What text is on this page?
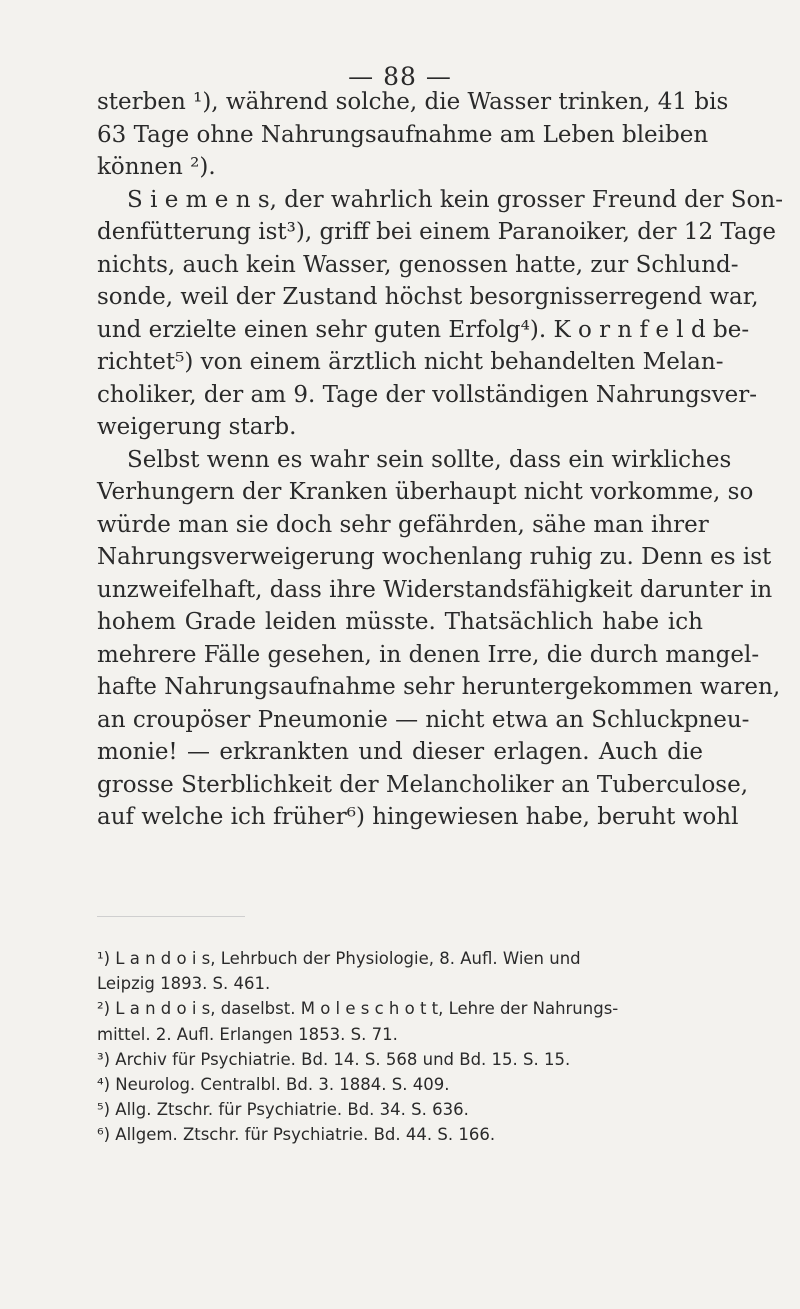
— 88 —
sterben ¹), während solche, die Wasser trinken, 41 bis
63 Tage ohne Nahrungsaufnahme am Leben bleiben
können ²).
S i e m e n s, der wahrlich kein grosser Freund der Son-
denfütterung ist³), griff bei einem Paranoiker, der 12 Tage
nichts, auch kein Wasser, genossen hatte, zur Schlund-
sonde, weil der Zustand höchst besorgnisserregend war,
und erzielte einen sehr guten Erfolg⁴). K o r n f e l d be-
richtet⁵) von einem ärztlich nicht behandelten Melan-
choliker, der am 9. Tage der vollständigen Nahrungsver-
weigerung starb.
Selbst wenn es wahr sein sollte, dass ein wirkliches
Verhungern der Kranken überhaupt nicht vorkomme, so
würde man sie doch sehr gefährden, sähe man ihrer
Nahrungsverweigerung wochenlang ruhig zu. Denn es ist
unzweifelhaft, dass ihre Widerstandsfähigkeit darunter in
hohem Grade leiden müsste. Thatsächlich habe ich
mehrere Fälle gesehen, in denen Irre, die durch mangel-
hafte Nahrungsaufnahme sehr heruntergekommen waren,
an croupöser Pneumonie — nicht etwa an Schluckpneu-
monie! — erkrankten und dieser erlagen. Auch die
grosse Sterblichkeit der Melancholiker an Tuberculose,
auf welche ich früher⁶) hingewiesen habe, beruht wohl
¹) L a n d o i s, Lehrbuch der Physiologie, 8. Aufl. Wien und
Leipzig 1893. S. 461.
²) L a n d o i s, daselbst. M o l e s c h o t t, Lehre der Nahrungs-
mittel. 2. Aufl. Erlangen 1853. S. 71.
³) Archiv für Psychiatrie. Bd. 14. S. 568 und Bd. 15. S. 15.
⁴) Neurolog. Centralbl. Bd. 3. 1884. S. 409.
⁵) Allg. Ztschr. für Psychiatrie. Bd. 34. S. 636.
⁶) Allgem. Ztschr. für Psychiatrie. Bd. 44. S. 166.
